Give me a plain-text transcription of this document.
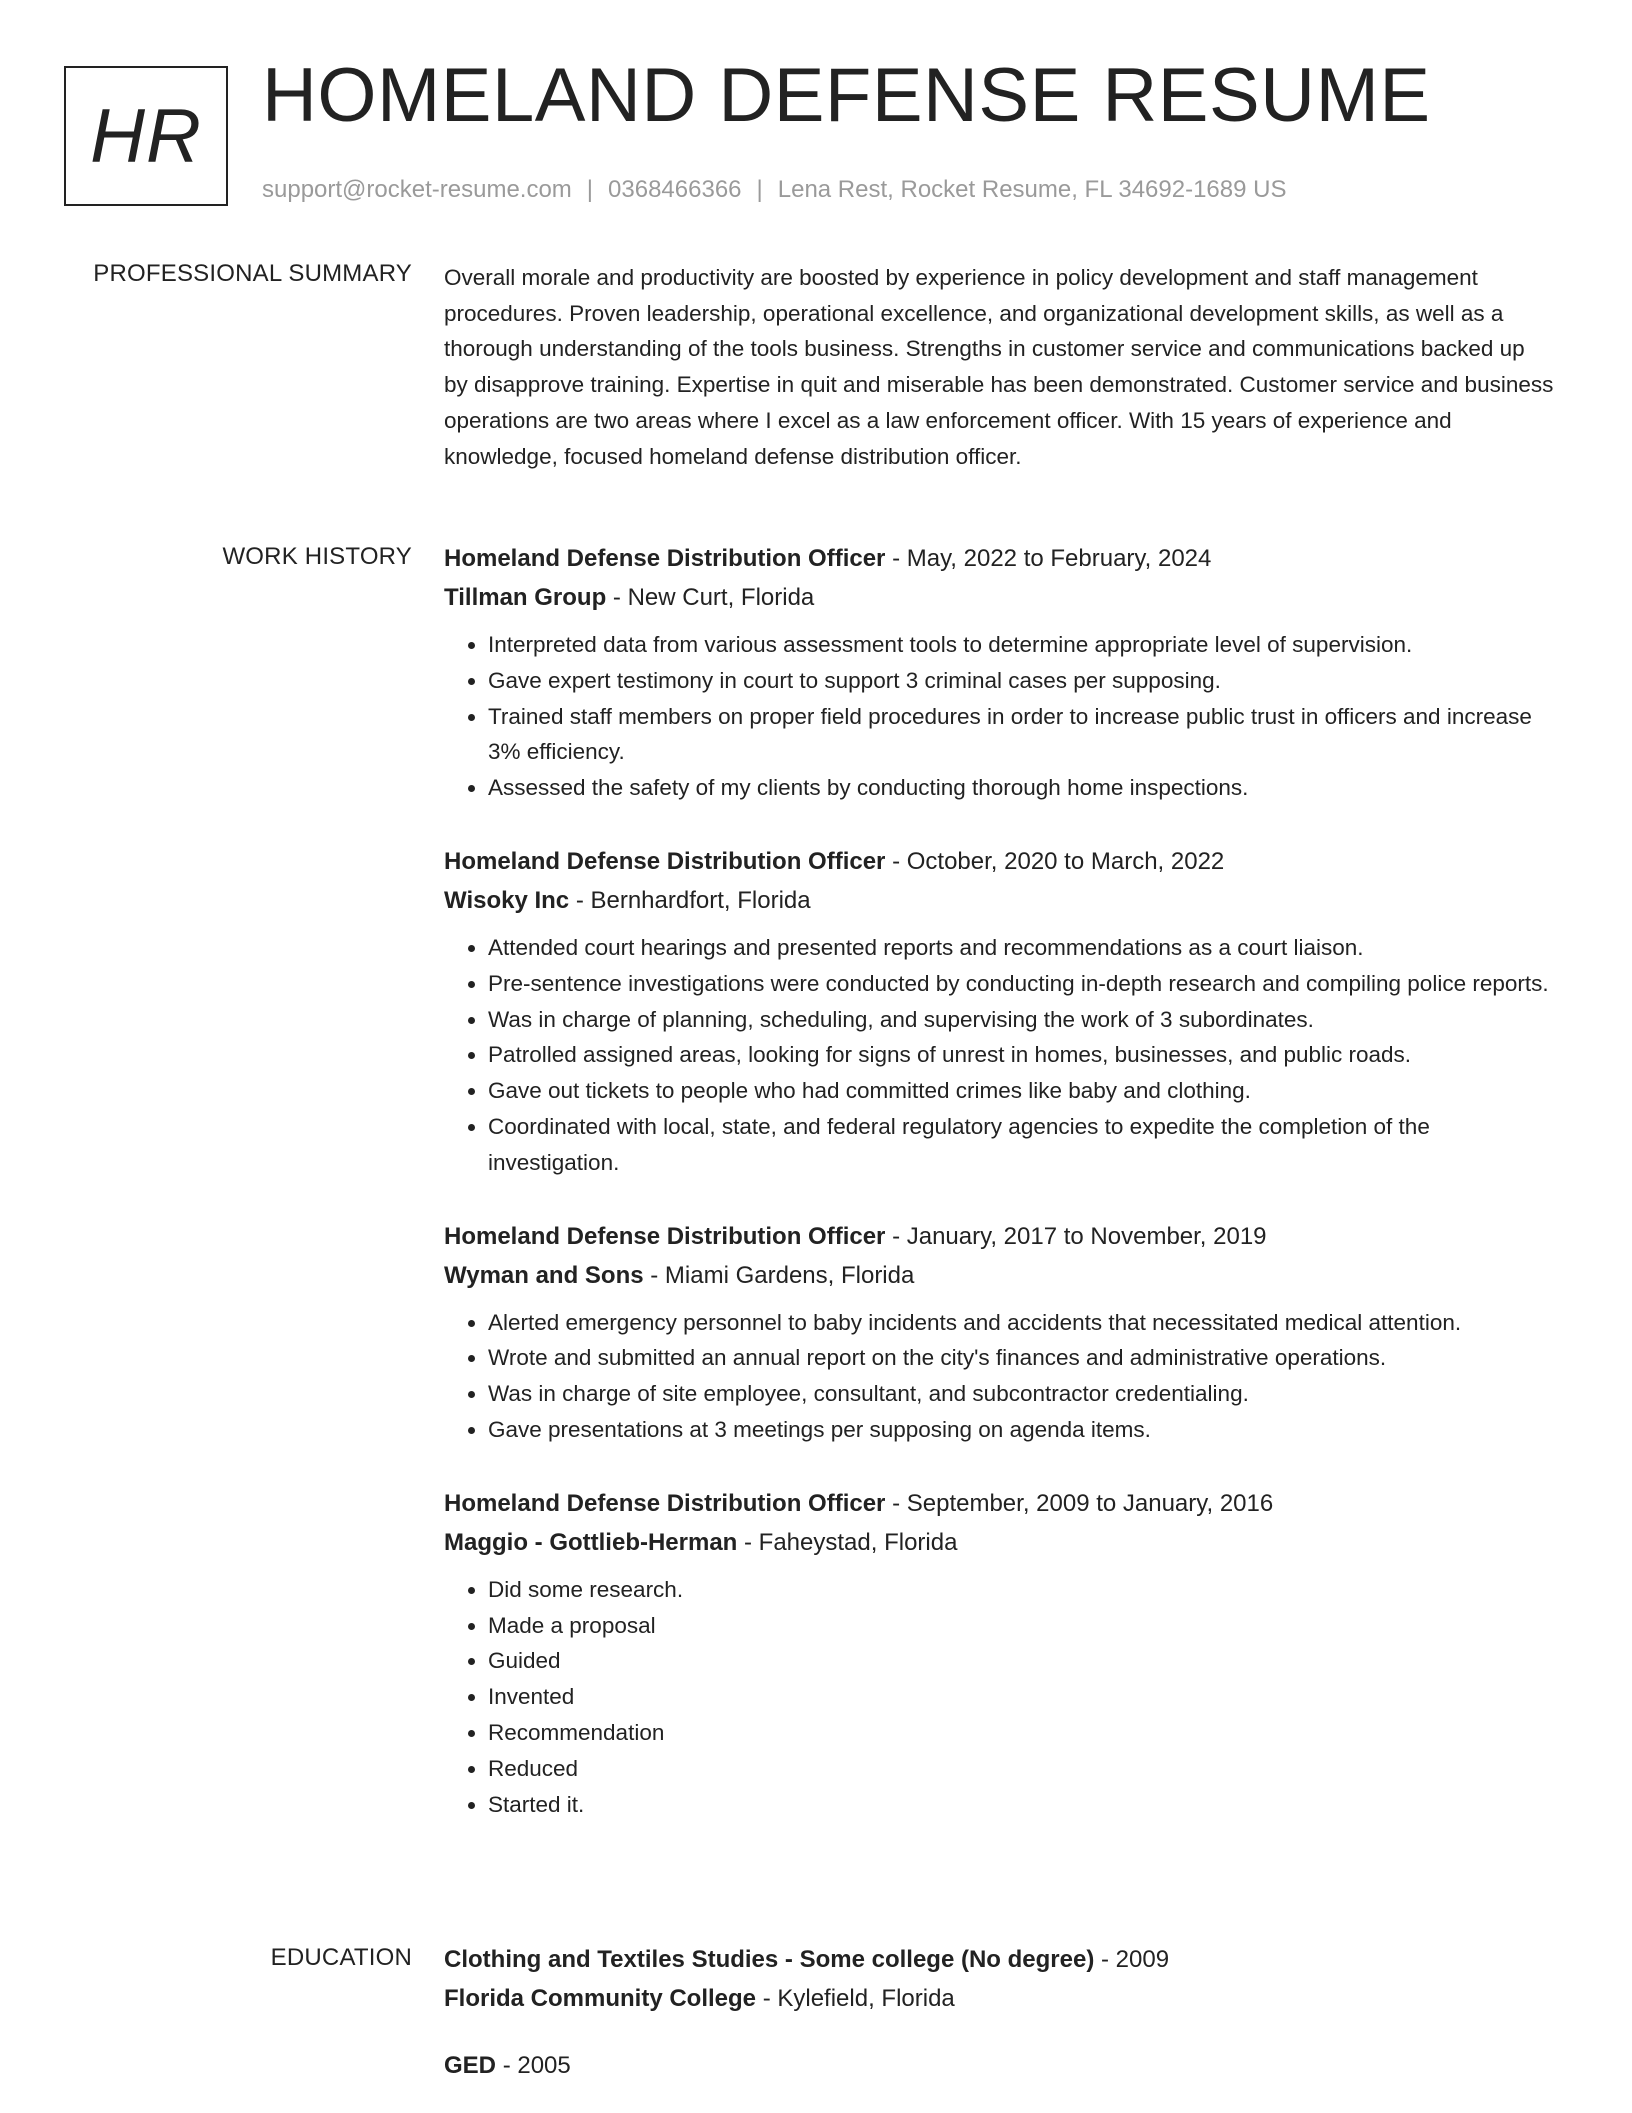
HR HOMELAND DEFENSE RESUME
support@rocket-resume.com | 0368466366 | Lena Rest, Rocket Resume, FL 34692-1689 US
PROFESSIONAL SUMMARY Overall morale and productivity are boosted by experience in policy development and staff management procedures. Proven leadership, operational excellence, and organizational development skills, as well as a thorough understanding of the tools business. Strengths in customer service and communications backed up by disapprove training. Expertise in quit and miserable has been demonstrated. Customer service and business operations are two areas where I excel as a law enforcement officer. With 15 years of experience and knowledge, focused homeland defense distribution officer.

WORK HISTORY Homeland Defense Distribution Officer - May, 2022 to February, 2024
Tillman Group - New Curt, Florida
• Interpreted data from various assessment tools to determine appropriate level of supervision.
• Gave expert testimony in court to support 3 criminal cases per supposing.
• Trained staff members on proper field procedures in order to increase public trust in officers and increase 3% efficiency.
• Assessed the safety of my clients by conducting thorough home inspections.
Homeland Defense Distribution Officer - October, 2020 to March, 2022
Wisoky Inc - Bernhardfort, Florida
• Attended court hearings and presented reports and recommendations as a court liaison.
• Pre-sentence investigations were conducted by conducting in-depth research and compiling police reports.
• Was in charge of planning, scheduling, and supervising the work of 3 subordinates.
• Patrolled assigned areas, looking for signs of unrest in homes, businesses, and public roads.
• Gave out tickets to people who had committed crimes like baby and clothing.
• Coordinated with local, state, and federal regulatory agencies to expedite the completion of the investigation.
Homeland Defense Distribution Officer - January, 2017 to November, 2019
Wyman and Sons - Miami Gardens, Florida
• Alerted emergency personnel to baby incidents and accidents that necessitated medical attention.
• Wrote and submitted an annual report on the city's finances and administrative operations.
• Was in charge of site employee, consultant, and subcontractor credentialing.
• Gave presentations at 3 meetings per supposing on agenda items.
Homeland Defense Distribution Officer - September, 2009 to January, 2016
Maggio - Gottlieb-Herman - Faheystad, Florida
• Did some research.
• Made a proposal
• Guided
• Invented
• Recommendation
• Reduced
• Started it.
EDUCATION Clothing and Textiles Studies - Some college (No degree) - 2009
Florida Community College - Kylefield, Florida
GED - 2005
